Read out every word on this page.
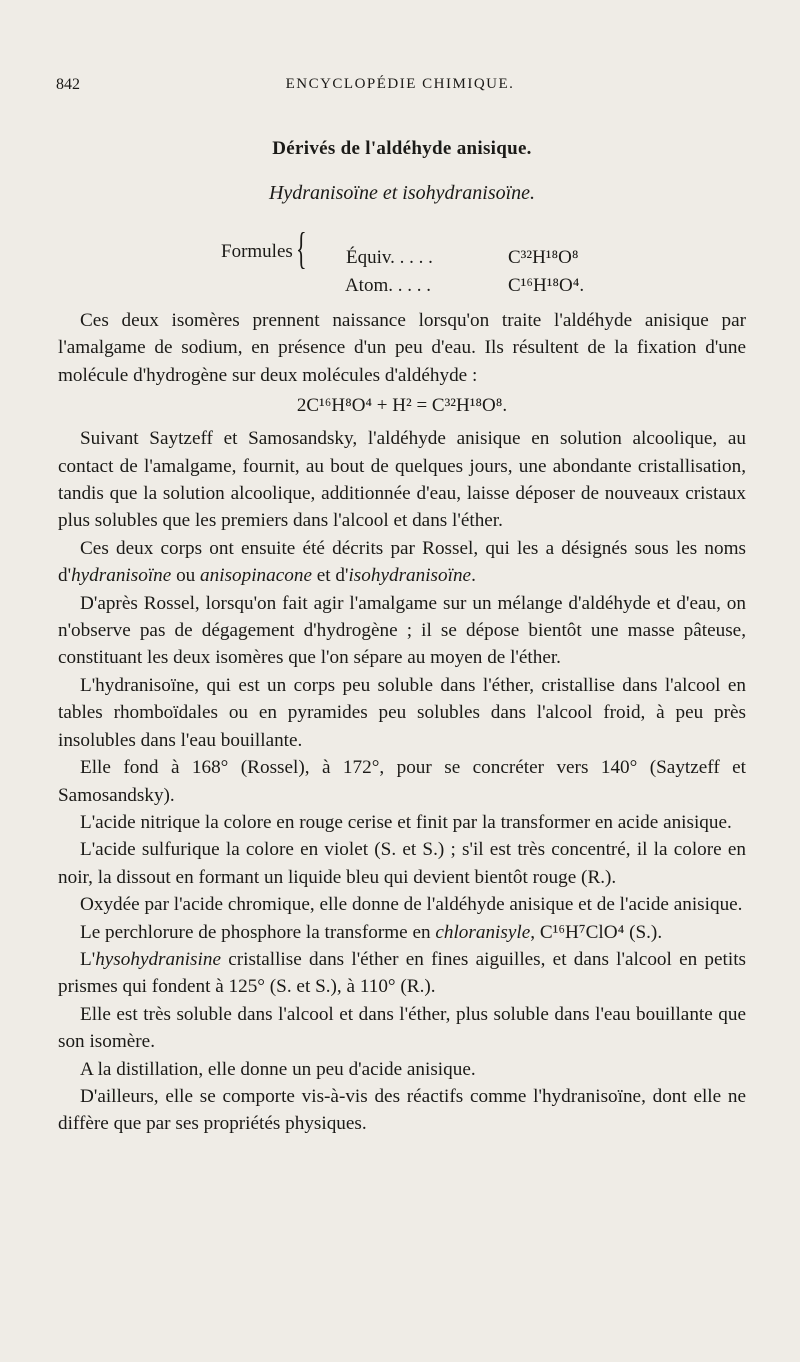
842	ENCYCLOPÉDIE CHIMIQUE.
Dérivés de l'aldéhyde anisique.
Hydranisoïne et isohydranisoïne.
Formules {	Équiv. . . . .	C³²H¹⁸O⁸

Atom. . . . .	C¹⁶H¹⁸O⁴.

Ces deux isomères prennent naissance lorsqu'on traite l'aldéhyde anisique par l'amalgame de sodium, en présence d'un peu d'eau. Ils résultent de la fixation d'une molécule d'hydrogène sur deux molécules d'aldéhyde :

2C¹⁶H⁸O⁴ + H² = C³²H¹⁸O⁸.

Suivant Saytzeff et Samosandsky, l'aldéhyde anisique en solution alcoolique, au contact de l'amalgame, fournit, au bout de quelques jours, une abondante cristallisation, tandis que la solution alcoolique, additionnée d'eau, laisse déposer de nouveaux cristaux plus solubles que les premiers dans l'alcool et dans l'éther.

Ces deux corps ont ensuite été décrits par Rossel, qui les a désignés sous les noms d'hydranisoïne ou anisopinacone et d'isohydranisoïne.

D'après Rossel, lorsqu'on fait agir l'amalgame sur un mélange d'aldéhyde et d'eau, on n'observe pas de dégagement d'hydrogène ; il se dépose bientôt une masse pâteuse, constituant les deux isomères que l'on sépare au moyen de l'éther.

L'hydranisoïne, qui est un corps peu soluble dans l'éther, cristallise dans l'alcool en tables rhomboïdales ou en pyramides peu solubles dans l'alcool froid, à peu près insolubles dans l'eau bouillante.

Elle fond à 168° (Rossel), à 172°, pour se concréter vers 140° (Saytzeff et Samosandsky).

L'acide nitrique la colore en rouge cerise et finit par la transformer en acide anisique.

L'acide sulfurique la colore en violet (S. et S.) ; s'il est très concentré, il la colore en noir, la dissout en formant un liquide bleu qui devient bientôt rouge (R.).

Oxydée par l'acide chromique, elle donne de l'aldéhyde anisique et de l'acide anisique.

Le perchlorure de phosphore la transforme en chloranisyle, C¹⁶H⁷ClO⁴ (S.).

L'hysohydranisine cristallise dans l'éther en fines aiguilles, et dans l'alcool en petits prismes qui fondent à 125° (S. et S.), à 110° (R.).

Elle est très soluble dans l'alcool et dans l'éther, plus soluble dans l'eau bouillante que son isomère.

A la distillation, elle donne un peu d'acide anisique.

D'ailleurs, elle se comporte vis-à-vis des réactifs comme l'hydranisoïne, dont elle ne diffère que par ses propriétés physiques.
